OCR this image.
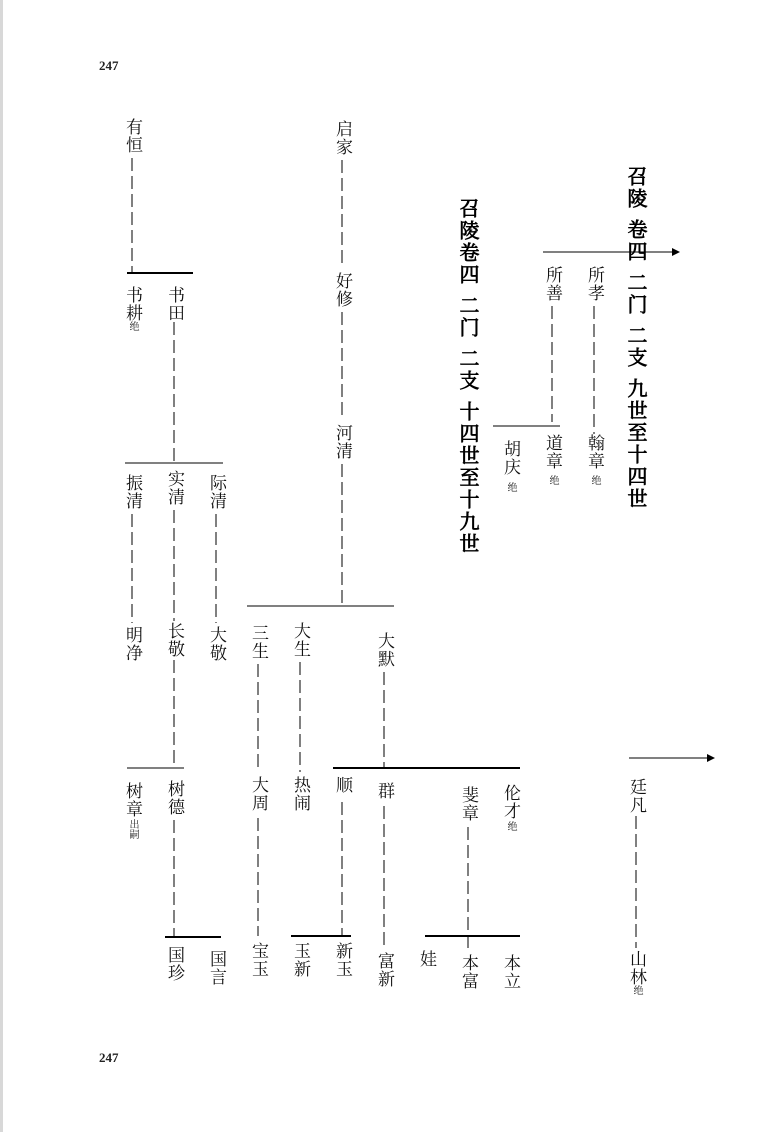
247
247
召陵 卷四 二门 二支 九世至十四世
召陵卷四 二门 二支 十四世至十九世
有恒
书耕
绝
书田
振清 实清 际清
明净 长敬 大敬
树章
出嗣
树德
国珍 国言
启家
好修
河清
三生 大生	大默
大周 热闹 顺 群	斐章 伦才
绝
宝玉 玉新 新玉 富新 娃 本富 本立
所善 所孝
胡庆
绝
道章
绝
翰章
绝
廷凡
山林
绝
